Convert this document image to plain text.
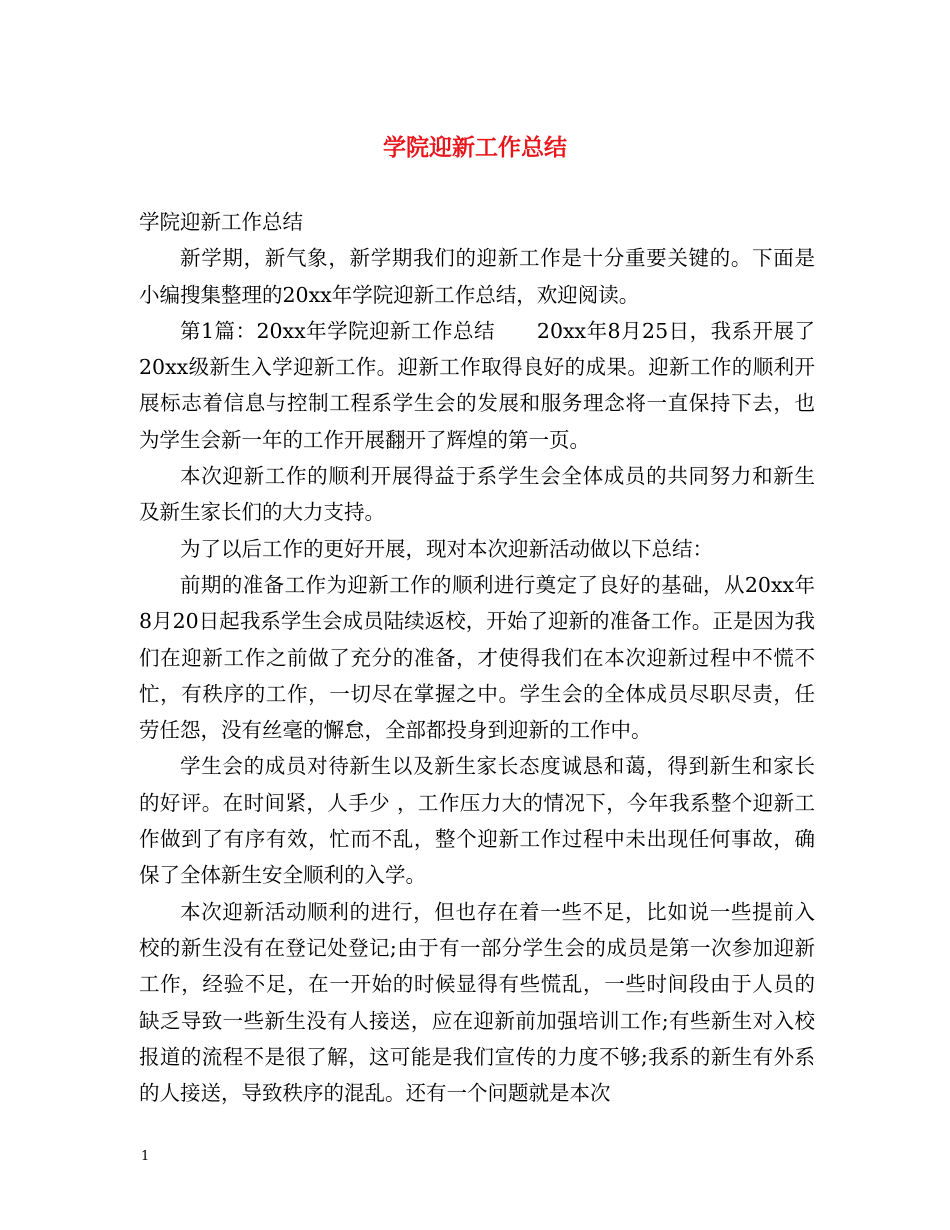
学院迎新工作总结

学院迎新工作总结

新学期，新气象，新学期我们的迎新工作是十分重要关键的。下面是小编搜集整理的20xx年学院迎新工作总结，欢迎阅读。

第1篇：20xx年学院迎新工作总结　　20xx年8月25日，我系开展了20xx级新生入学迎新工作。迎新工作取得良好的成果。迎新工作的顺利开展标志着信息与控制工程系学生会的发展和服务理念将一直保持下去，也为学生会新一年的工作开展翻开了辉煌的第一页。

本次迎新工作的顺利开展得益于系学生会全体成员的共同努力和新生及新生家长们的大力支持。

为了以后工作的更好开展，现对本次迎新活动做以下总结：

前期的准备工作为迎新工作的顺利进行奠定了良好的基础，从20xx年8月20日起我系学生会成员陆续返校，开始了迎新的准备工作。正是因为我们在迎新工作之前做了充分的准备，才使得我们在本次迎新过程中不慌不忙，有秩序的工作，一切尽在掌握之中。学生会的全体成员尽职尽责，任劳任怨，没有丝毫的懈怠，全部都投身到迎新的工作中。

学生会的成员对待新生以及新生家长态度诚恳和蔼，得到新生和家长的好评。在时间紧，人手少 ，工作压力大的情况下，今年我系整个迎新工作做到了有序有效，忙而不乱，整个迎新工作过程中未出现任何事故，确保了全体新生安全顺利的入学。

本次迎新活动顺利的进行，但也存在着一些不足，比如说一些提前入校的新生没有在登记处登记;由于有一部分学生会的成员是第一次参加迎新工作，经验不足，在一开始的时候显得有些慌乱，一些时间段由于人员的缺乏导致一些新生没有人接送，应在迎新前加强培训工作;有些新生对入校报道的流程不是很了解，这可能是我们宣传的力度不够;我系的新生有外系的人接送，导致秩序的混乱。还有一个问题就是本次

1
